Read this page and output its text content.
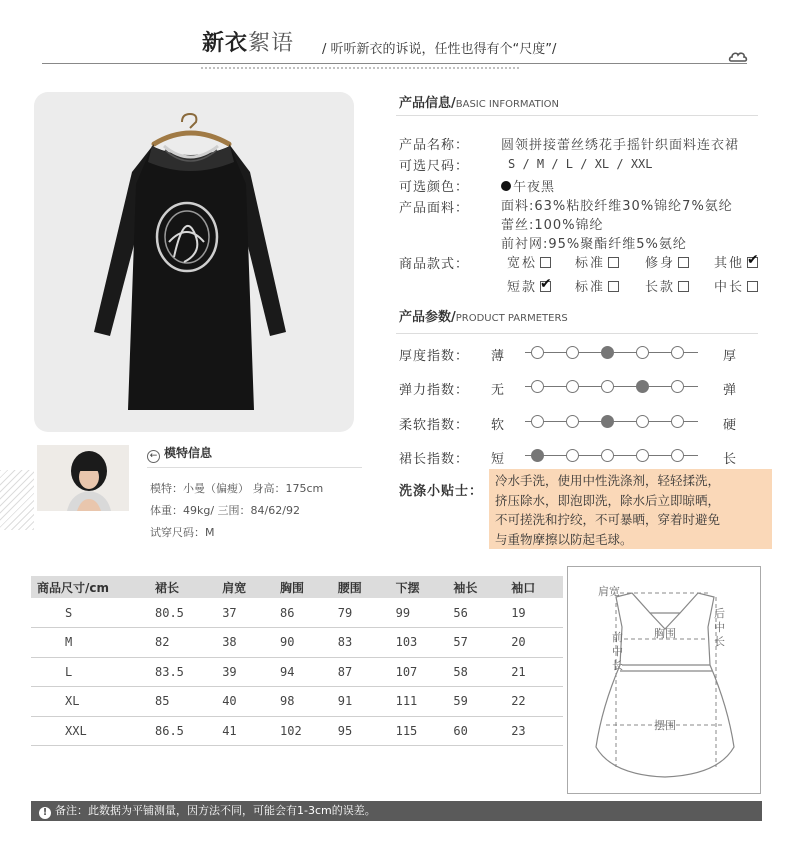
新衣絮语 / 听听新衣的诉说，任性也得有个“尺度”/
← 模特信息
模特：小曼（偏瘦） 身高：175cm
体重：49kg/ 三围：84/62/92
试穿尺码：M
产品信息/BASIC INFORMATION
产品名称： 圆领拼接蕾丝绣花手摇针织面料连衣裙
可选尺码：	S / M / L / XL / XXL
可选颜色：	午夜黑
产品面料： 面料:63%粘胶纤维30%锦纶7%氨纶
蕾丝:100%锦纶
前衬网:95%聚酯纤维5%氨纶
商品款式：	宽松	标准	修身	其他✔
短款 ✔	标准	长款	中长
产品参数/PRODUCT PARMETERS
厚度指数： 薄	厚
弹力指数： 无	弹
柔软指数： 软	硬
裙长指数： 短	长
洗涤小贴士：
冷水手洗，使用中性洗涤剂，轻轻揉洗，
挤压除水，即泡即洗，除水后立即晾晒，
不可搓洗和拧绞，不可暴晒，穿着时避免
与重物摩擦以防起毛球。
商品尺寸/cm	裙长	肩宽	胸围	腰围	下摆	袖长	袖口
S	80.5	37	86	79	99	56	19
M	82	38	90	83	103	57	20
L	83.5	39	94	87	107	58	21
XL	85	40	98	91	111	59	22
XXL	86.5	41	102	95	115	60	23
肩宽
胸围
前中长
后中长
摆围
! 备注：此数据为平铺测量，因方法不同，可能会有1-3cm的误差。
